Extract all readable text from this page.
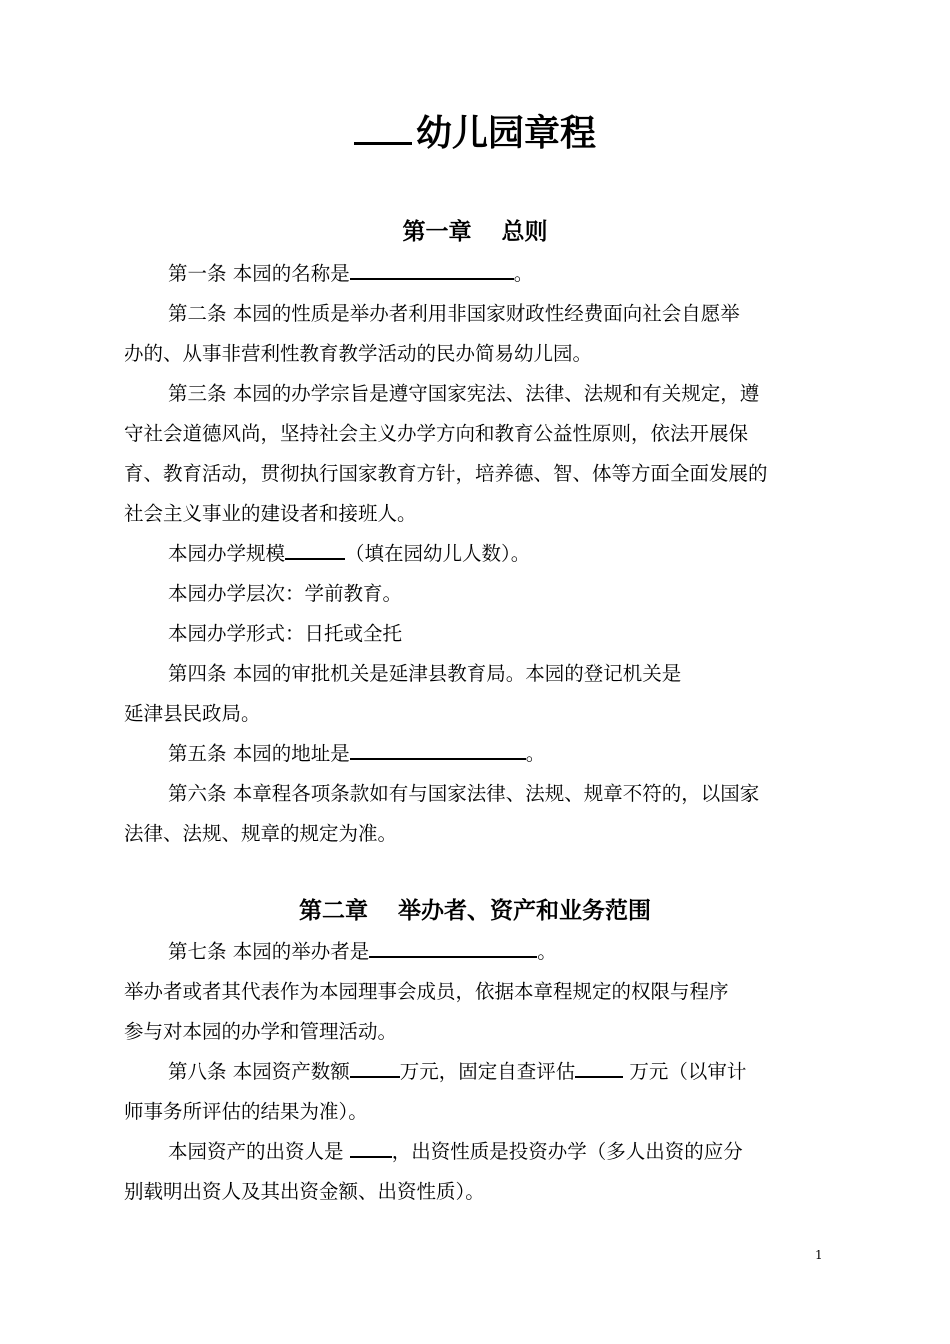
幼儿园章程
第一章 总则
第一条 本园的名称是	。
第二条 本园的性质是举办者利用非国家财政性经费面向社会自愿举
办的、从事非营利性教育教学活动的民办简易幼儿园。
第三条 本园的办学宗旨是遵守国家宪法、法律、法规和有关规定，遵
守社会道德风尚，坚持社会主义办学方向和教育公益性原则，依法开展保
育、教育活动，贯彻执行国家教育方针，培养德、智、体等方面全面发展的
社会主义事业的建设者和接班人。
本园办学规模	（填在园幼儿人数）。
本园办学层次：学前教育。
本园办学形式：日托或全托
第四条 本园的审批机关是延津县教育局。本园的登记机关是
延津县民政局。
第五条 本园的地址是	。
第六条 本章程各项条款如有与国家法律、法规、规章不符的，以国家
法律、法规、规章的规定为准。
第二章 举办者、资产和业务范围
第七条 本园的举办者是	。
举办者或者其代表作为本园理事会成员，依据本章程规定的权限与程序
参与对本园的办学和管理活动。
第八条 本园资产数额	万元，固定自查评估 万元（以审计
师事务所评估的结果为准）。
本园资产的出资人是 ，出资性质是投资办学（多人出资的应分
别载明出资人及其出资金额、出资性质）。
1
